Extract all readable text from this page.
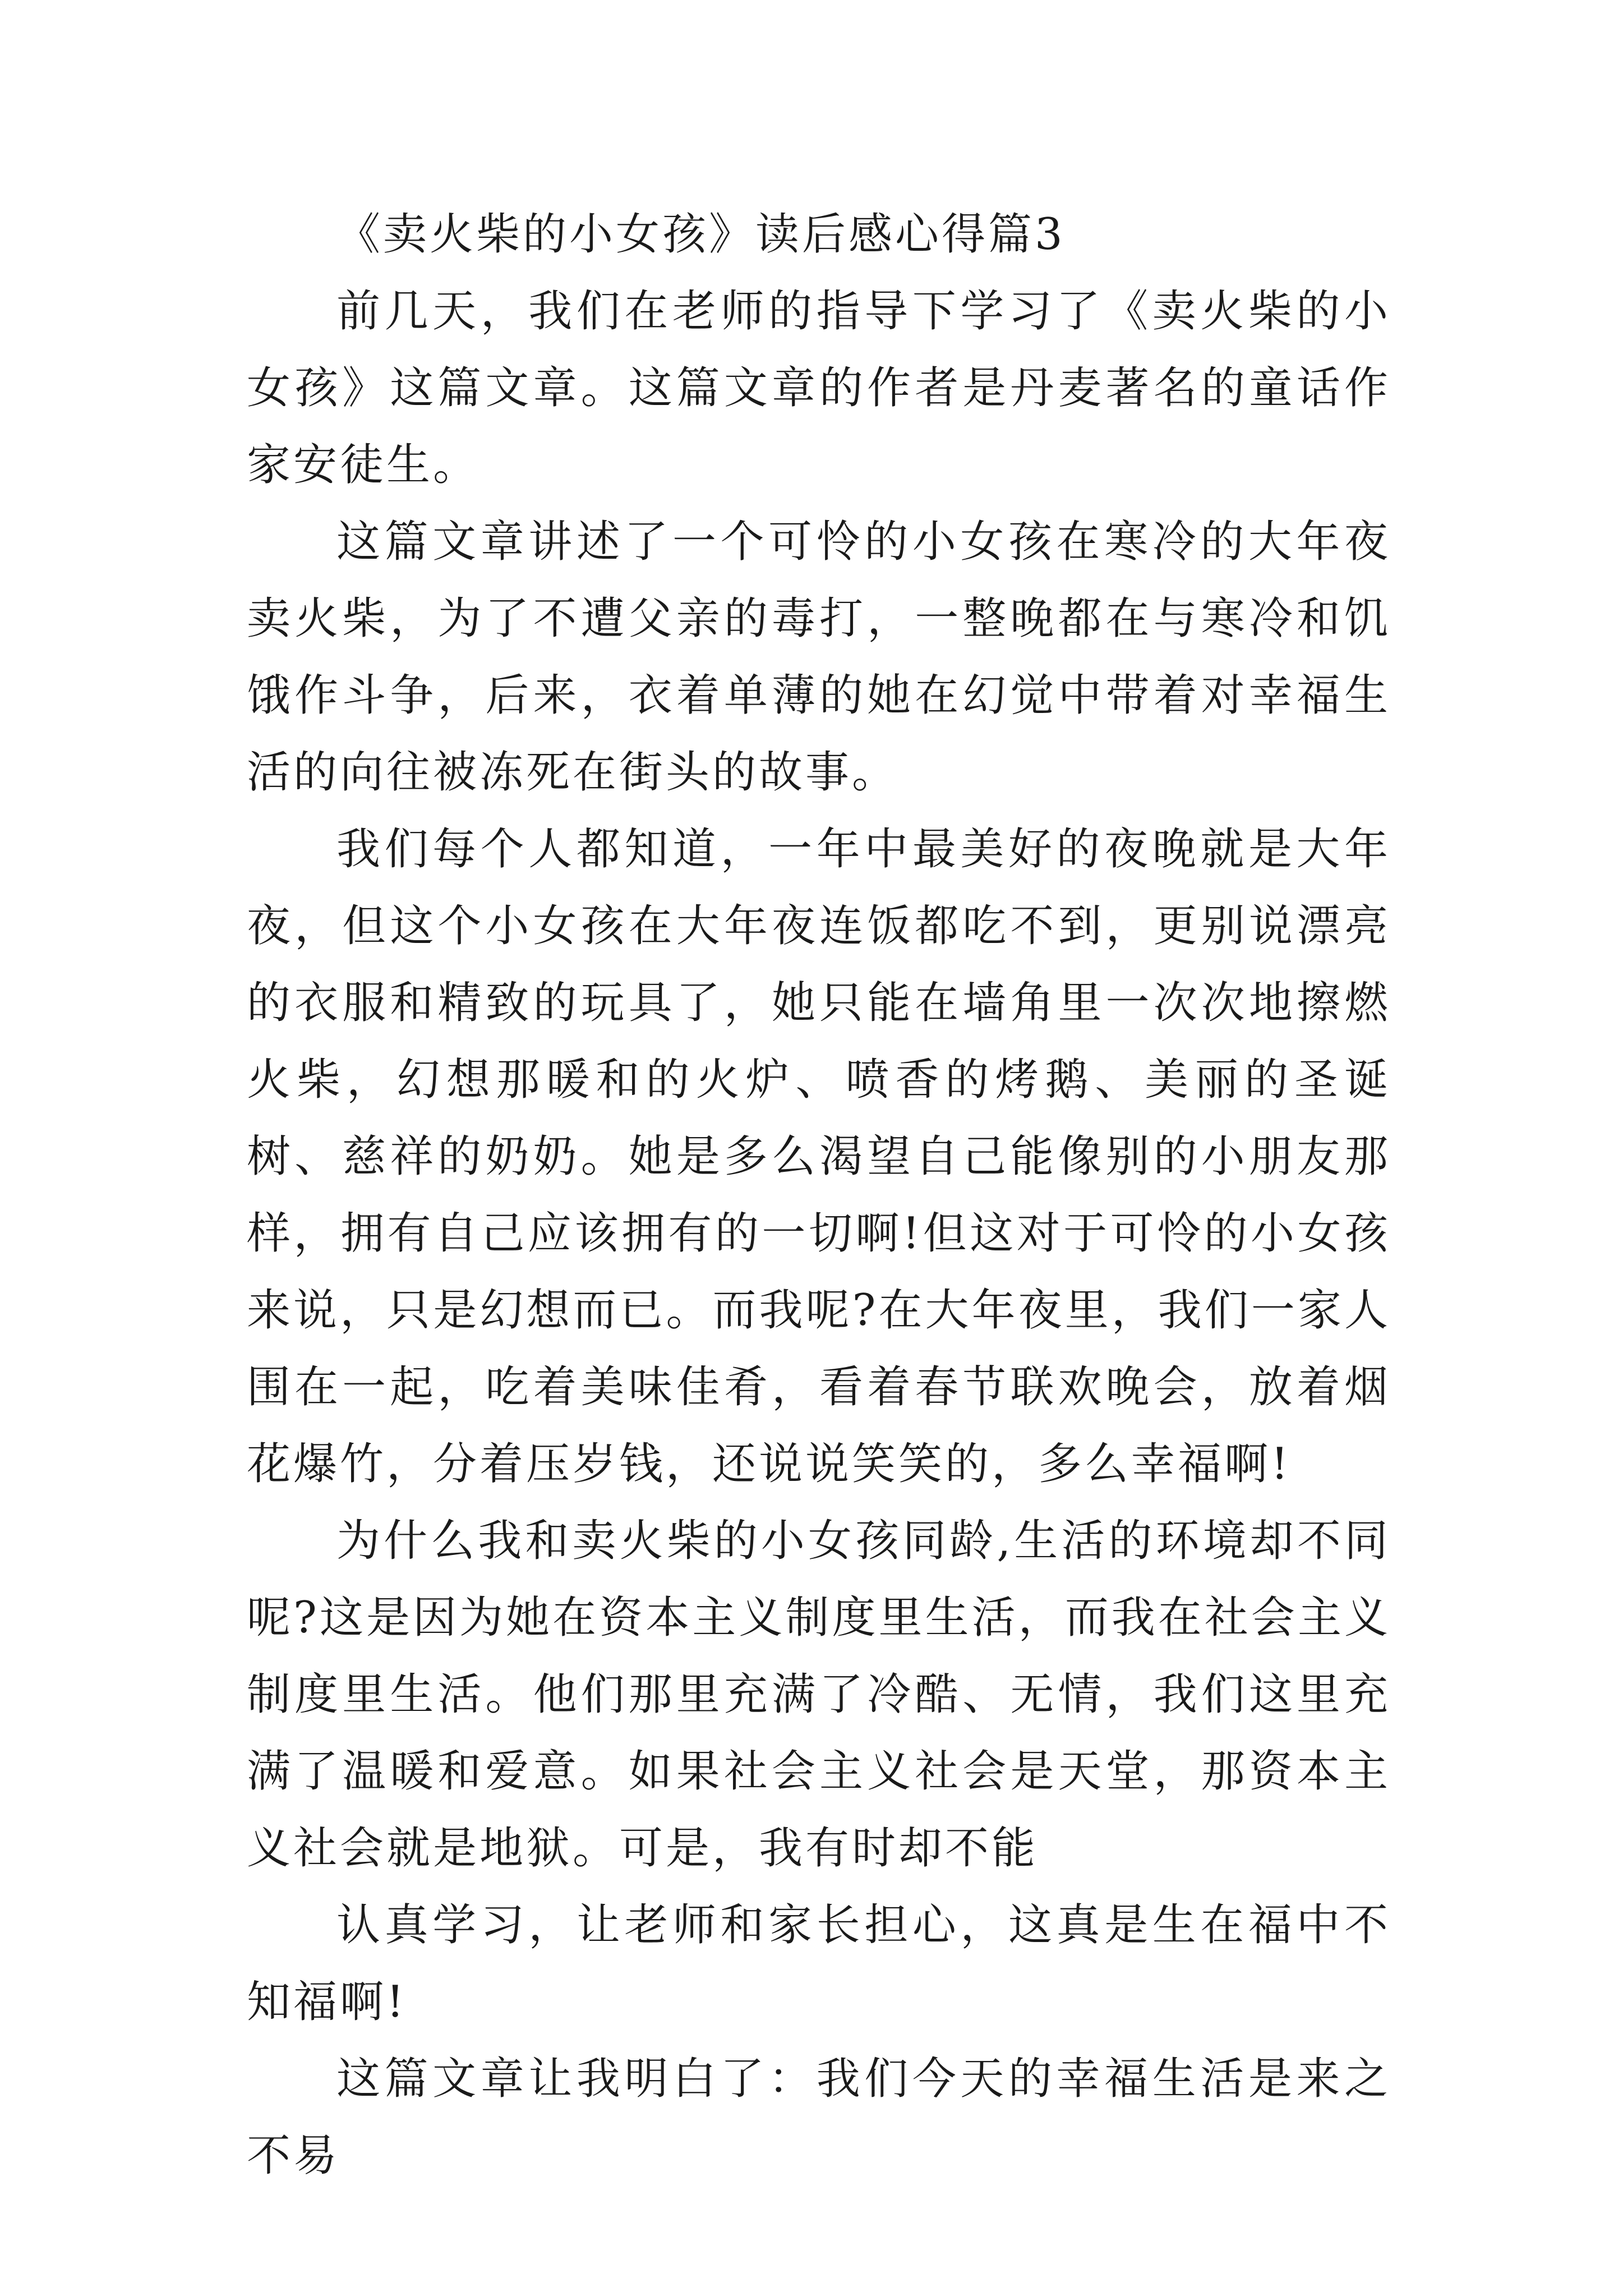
《卖火柴的小女孩》读后感心得篇3

前几天，我们在老师的指导下学习了《卖火柴的小女孩》这篇文章。这篇文章的作者是丹麦著名的童话作家安徒生。

这篇文章讲述了一个可怜的小女孩在寒冷的大年夜卖火柴，为了不遭父亲的毒打，一整晚都在与寒冷和饥饿作斗争，后来，衣着单薄的她在幻觉中带着对幸福生活的向往被冻死在街头的故事。

我们每个人都知道，一年中最美好的夜晚就是大年夜，但这个小女孩在大年夜连饭都吃不到，更别说漂亮的衣服和精致的玩具了，她只能在墙角里一次次地擦燃火柴，幻想那暖和的火炉、喷香的烤鹅、美丽的圣诞树、慈祥的奶奶。她是多么渴望自己能像别的小朋友那样，拥有自己应该拥有的一切啊!但这对于可怜的小女孩来说，只是幻想而已。而我呢?在大年夜里，我们一家人围在一起，吃着美味佳肴，看着春节联欢晚会，放着烟花爆竹，分着压岁钱，还说说笑笑的，多么幸福啊!

为什么我和卖火柴的小女孩同龄,生活的环境却不同呢?这是因为她在资本主义制度里生活，而我在社会主义制度里生活。他们那里充满了冷酷、无情，我们这里充满了温暖和爱意。如果社会主义社会是天堂，那资本主义社会就是地狱。可是，我有时却不能

认真学习，让老师和家长担心，这真是生在福中不知福啊!

这篇文章让我明白了：我们今天的幸福生活是来之不易
